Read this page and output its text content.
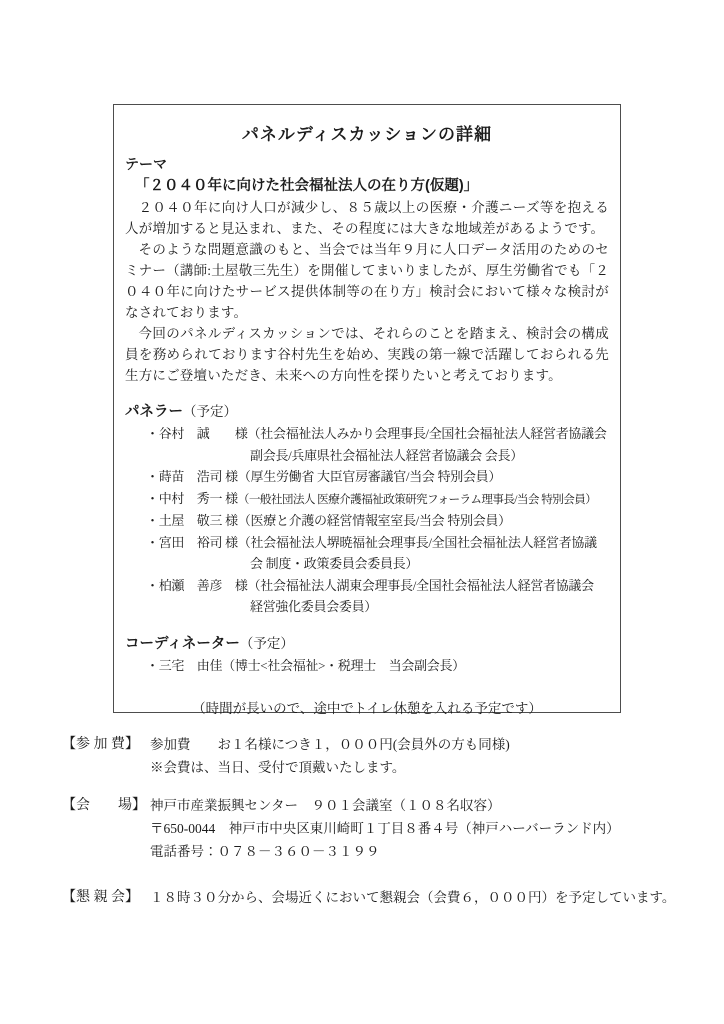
パネルディスカッションの詳細
テーマ
「２０４０年に向けた社会福祉法人の在り方(仮題)」

２０４０年に向け人口が減少し、８５歳以上の医療・介護ニーズ等を抱える人が増加すると見込まれ、また、その程度には大きな地域差があるようです。

そのような問題意識のもと、当会では当年９月に人口データ活用のためのセミナー（講師:土屋敬三先生）を開催してまいりましたが、厚生労働省でも「２０４０年に向けたサービス提供体制等の在り方」検討会において様々な検討がなされております。

今回のパネルディスカッションでは、それらのことを踏まえ、検討会の構成員を務められております谷村先生を始め、実践の第一線で活躍しておられる先生方にご登壇いただき、未来への方向性を探りたいと考えております。

パネラー（予定）
・谷村　誠　　様（社会福祉法人みかり会理事長/全国社会福祉法人経営者協議会
副会長/兵庫県社会福祉法人経営者協議会 会長）
・蒔苗　浩司 様（厚生労働省 大臣官房審議官/当会 特別会員）
・中村　秀一 様（一般社団法人 医療介護福祉政策研究フォーラム理事長/当会 特別会員）
・土屋　敬三 様（医療と介護の経営情報室室長/当会 特別会員）
・宮田　裕司 様（社会福祉法人堺暁福祉会理事長/全国社会福祉法人経営者協議
会 制度・政策委員会委員長）
・柏瀬　善彦　様（社会福祉法人湖東会理事長/全国社会福祉法人経営者協議会
経営強化委員会委員）
コーディネーター（予定）
・三宅　由佳（博士<社会福祉>・税理士　当会副会長）
（時間が長いので、途中でトイレ休憩を入れる予定です）
【参 加 費】 参加費　　お１名様につき１，０００円(会員外の方も同様)
※会費は、当日、受付で頂戴いたします。
【会　　場】 神戸市産業振興センター　９０１会議室（１０８名収容）
〒650-0044　神戸市中央区東川崎町１丁目８番４号（神戸ハーバーランド内）
電話番号：０７８－３６０－３１９９
【懇 親 会】 １８時３０分から、会場近くにおいて懇親会（会費６，０００円）を予定しています。
